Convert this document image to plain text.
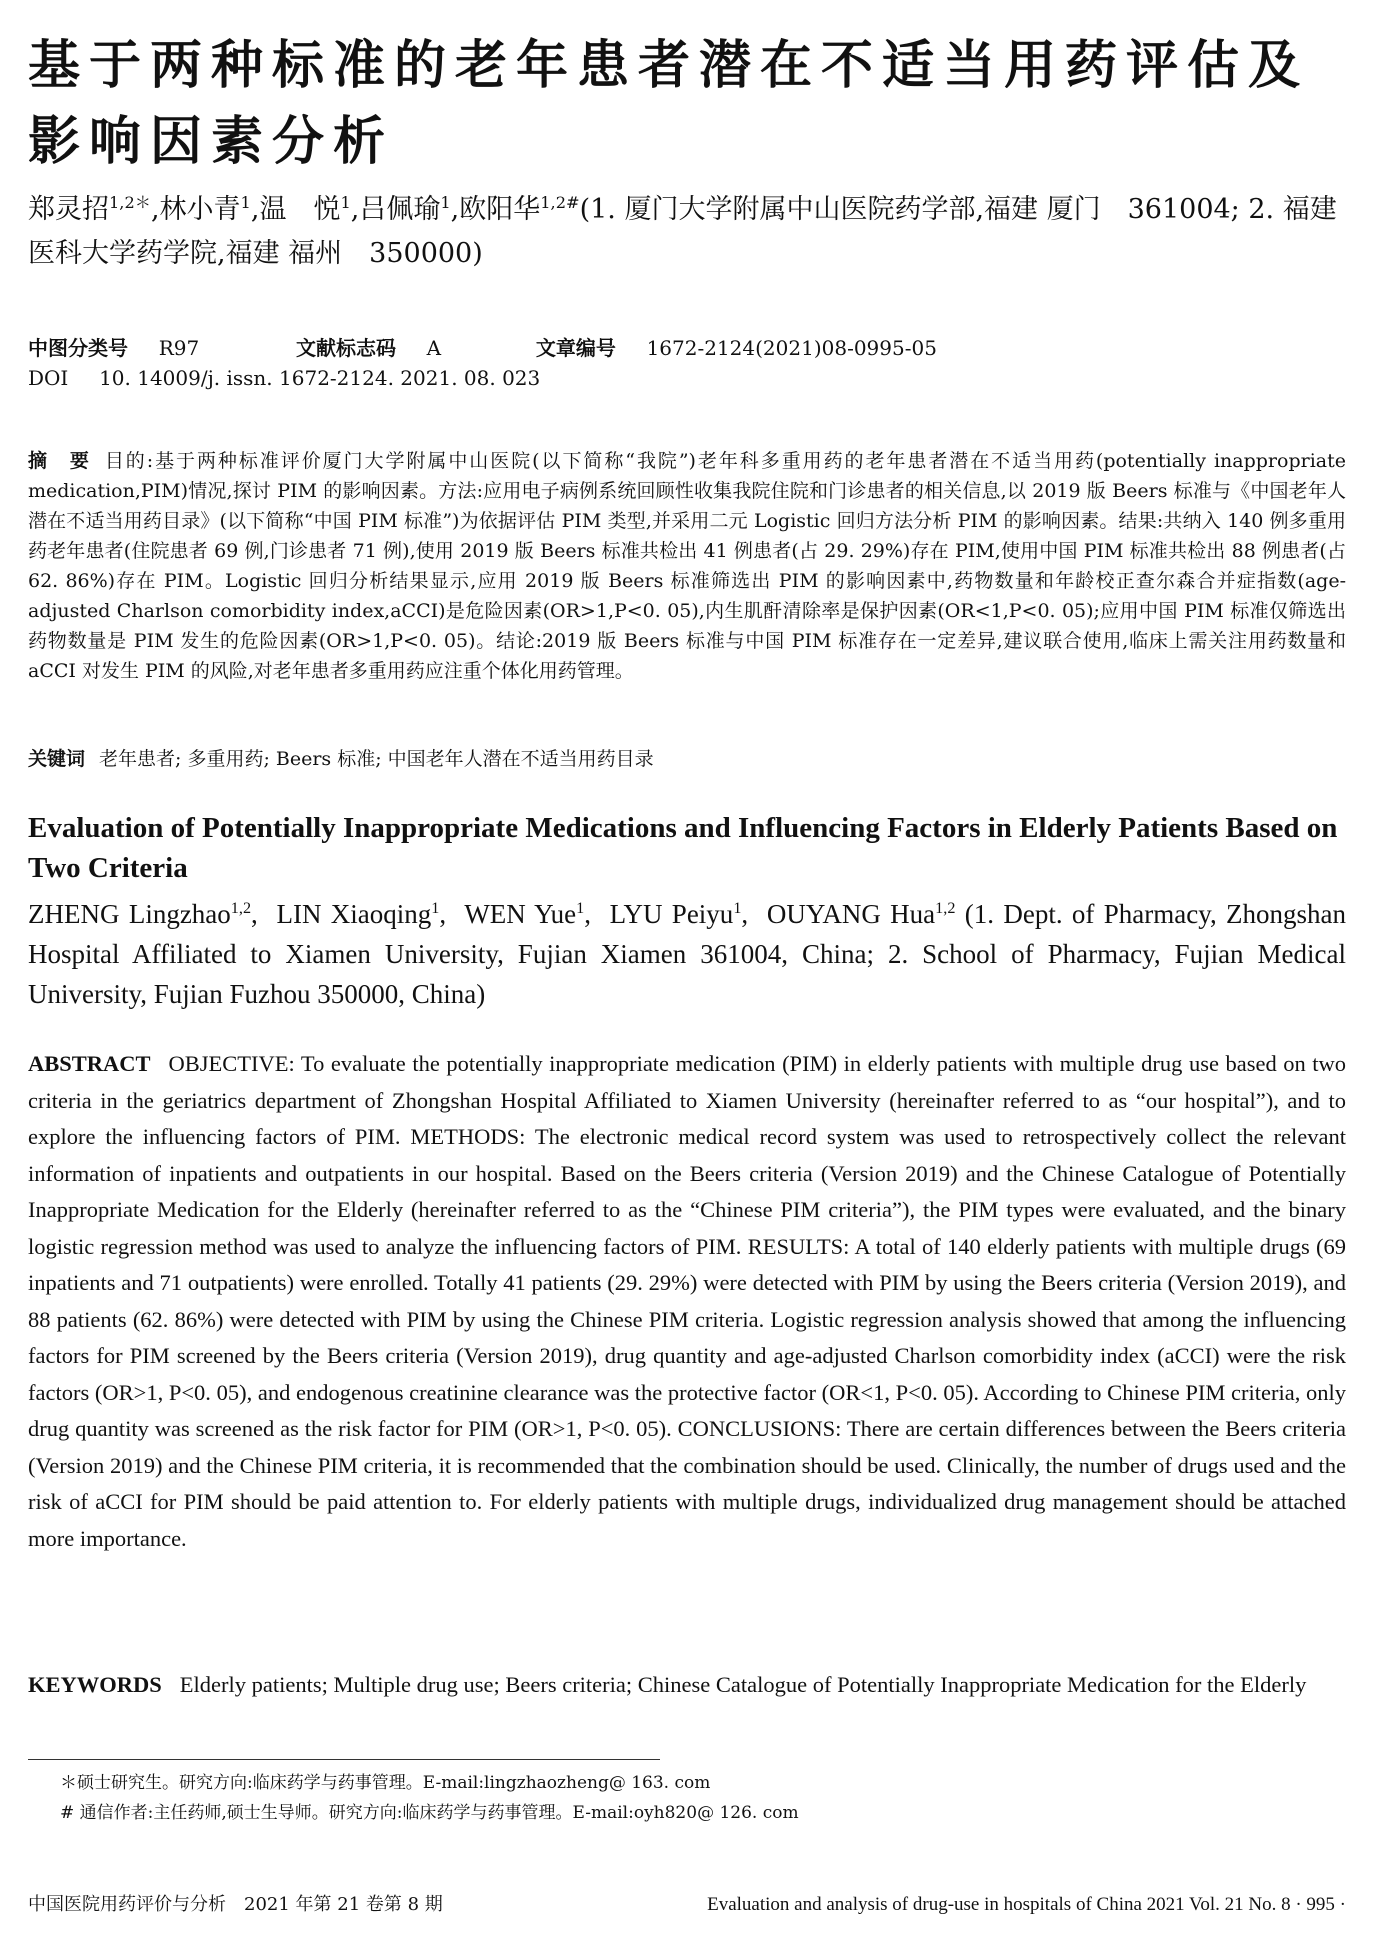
基于两种标准的老年患者潜在不适当用药评估及影响因素分析
郑灵招$^{1,2*}$,林小青$^1$,温　悦$^1$,吕佩瑜$^1$,欧阳华$^{1,2\#}$(1. 厦门大学附属中山医院药学部,福建 厦门　361004; 2. 福建医科大学药学院,福建 福州　350000)
中图分类号 R97	文献标志码 A	文章编号 1672-2124(2021)08-0995-05
DOI 10. 14009/j. issn. 1672-2124. 2021. 08. 023
摘　要 目的:基于两种标准评价厦门大学附属中山医院(以下简称“我院”)老年科多重用药的老年患者潜在不适当用药(potentially inappropriate medication,PIM)情况,探讨 PIM 的影响因素。方法:应用电子病例系统回顾性收集我院住院和门诊患者的相关信息,以 2019 版 Beers 标准与《中国老年人潜在不适当用药目录》(以下简称“中国 PIM 标准”)为依据评估 PIM 类型,并采用二元 Logistic 回归方法分析 PIM 的影响因素。结果:共纳入 140 例多重用药老年患者(住院患者 69 例,门诊患者 71 例),使用 2019 版 Beers 标准共检出 41 例患者(占 29. 29%)存在 PIM,使用中国 PIM 标准共检出 88 例患者(占 62. 86%)存在 PIM。Logistic 回归分析结果显示,应用 2019 版 Beers 标准筛选出 PIM 的影响因素中,药物数量和年龄校正查尔森合并症指数(age-adjusted Charlson comorbidity index,aCCI)是危险因素(OR>1,P<0. 05),内生肌酐清除率是保护因素(OR<1,P<0. 05);应用中国 PIM 标准仅筛选出药物数量是 PIM 发生的危险因素(OR>1,P<0. 05)。结论:2019 版 Beers 标准与中国 PIM 标准存在一定差异,建议联合使用,临床上需关注用药数量和 aCCI 对发生 PIM 的风险,对老年患者多重用药应注重个体化用药管理。
关键词 老年患者; 多重用药; Beers 标准; 中国老年人潜在不适当用药目录
Evaluation of Potentially Inappropriate Medications and Influencing Factors in Elderly Patients Based on Two Criteria
ZHENG Lingzhao$^{1,2}$,  LIN Xiaoqing$^1$,  WEN Yue$^1$,  LYU Peiyu$^1$,  OUYANG Hua$^{1,2}$ (1. Dept. of Pharmacy, Zhongshan Hospital Affiliated to Xiamen University, Fujian Xiamen 361004, China; 2. School of Pharmacy, Fujian Medical University, Fujian Fuzhou 350000, China)
ABSTRACT OBJECTIVE: To evaluate the potentially inappropriate medication (PIM) in elderly patients with multiple drug use based on two criteria in the geriatrics department of Zhongshan Hospital Affiliated to Xiamen University (hereinafter referred to as “our hospital”), and to explore the influencing factors of PIM. METHODS: The electronic medical record system was used to retrospectively collect the relevant information of inpatients and outpatients in our hospital. Based on the Beers criteria (Version 2019) and the Chinese Catalogue of Potentially Inappropriate Medication for the Elderly (hereinafter referred to as the “Chinese PIM criteria”), the PIM types were evaluated, and the binary logistic regression method was used to analyze the influencing factors of PIM. RESULTS: A total of 140 elderly patients with multiple drugs (69 inpatients and 71 outpatients) were enrolled. Totally 41 patients (29. 29%) were detected with PIM by using the Beers criteria (Version 2019), and 88 patients (62. 86%) were detected with PIM by using the Chinese PIM criteria. Logistic regression analysis showed that among the influencing factors for PIM screened by the Beers criteria (Version 2019), drug quantity and age-adjusted Charlson comorbidity index (aCCI) were the risk factors (OR>1, P<0. 05), and endogenous creatinine clearance was the protective factor (OR<1, P<0. 05). According to Chinese PIM criteria, only drug quantity was screened as the risk factor for PIM (OR>1, P<0. 05). CONCLUSIONS: There are certain differences between the Beers criteria (Version 2019) and the Chinese PIM criteria, it is recommended that the combination should be used. Clinically, the number of drugs used and the risk of aCCI for PIM should be paid attention to. For elderly patients with multiple drugs, individualized drug management should be attached more importance.
KEYWORDS Elderly patients; Multiple drug use; Beers criteria; Chinese Catalogue of Potentially Inappropriate Medication for the Elderly
＊硕士研究生。研究方向:临床药学与药事管理。E-mail:lingzhaozheng@ 163. com
# 通信作者:主任药师,硕士生导师。研究方向:临床药学与药事管理。E-mail:oyh820@ 126. com
中国医院用药评价与分析　2021 年第 21 卷第 8 期	Evaluation and analysis of drug-use in hospitals of China 2021 Vol. 21 No. 8 · 995 ·
